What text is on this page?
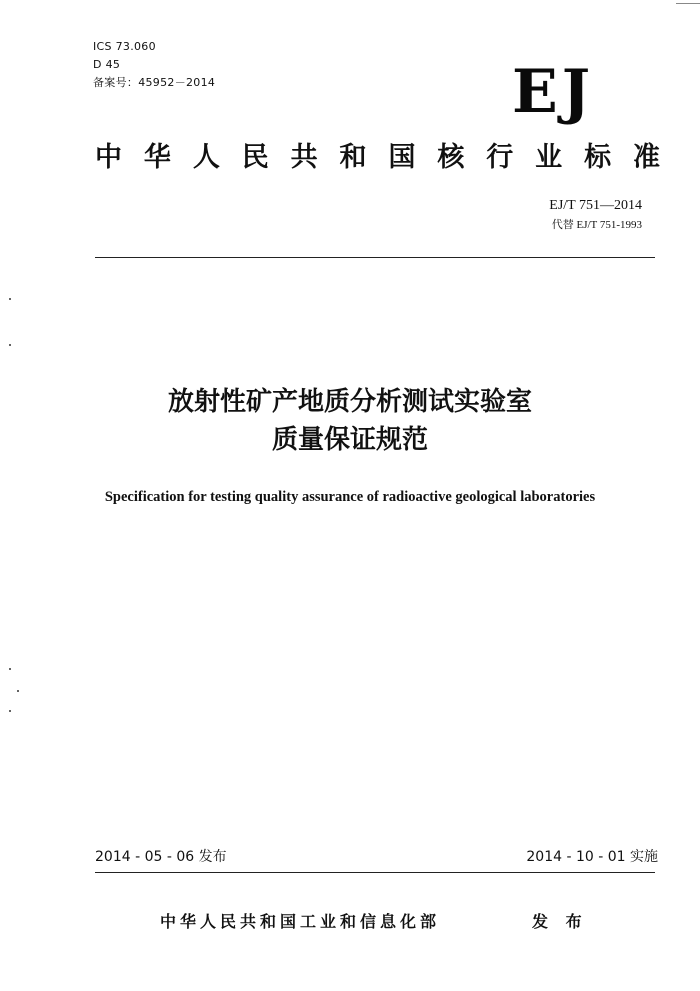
ICS 73.060
D 45
备案号：45952－2014	EJ
中 华 人 民 共 和 国 核 行 业 标 准
EJ/T 751—2014
代替 EJ/T 751-1993
放射性矿产地质分析测试实验室
质量保证规范
Specification for testing quality assurance of radioactive geological laboratories
2014 - 05 - 06 发布	2014 - 10 - 01 实施
中华人民共和国工业和信息化部	发 布
